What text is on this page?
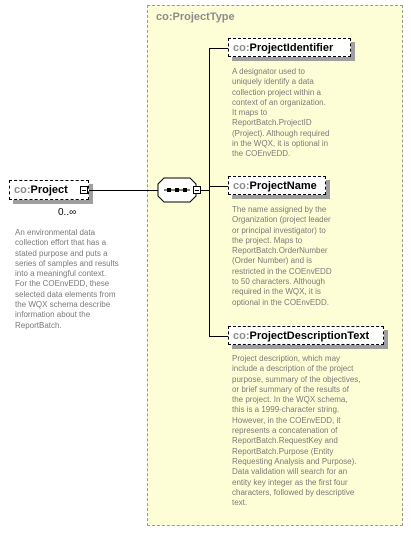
co:ProjectType
co:Project
0..∞
An environmental data
collection effort that has a
stated purpose and puts a
series of samples and results
into a meaningful context.
For the COEnvEDD, these
selected data elements from
the WQX schema describe
information about the
ReportBatch.
co:ProjectIdentifier
A designator used to
uniquely identify a data
collection project within a
context of an organization.
It maps to
ReportBatch.ProjectID
(Project). Although required
in the WQX, it is optional in
the COEnvEDD.
co:ProjectName
The name assigned by the
Organization (project leader
or principal investigator) to
the project. Maps to
ReportBatch.OrderNumber
(Order Number) and is
restricted in the COEnvEDD
to 50 characters. Although
required in the WQX, it is
optional in the COEnvEDD.
co:ProjectDescriptionText
Project description, which may
include a description of the project
purpose, summary of the objectives,
or brief summary of the results of
the project. In the WQX schema,
this is a 1999-character string.
However, in the COEnvEDD, it
represents a concatenation of
ReportBatch.RequestKey and
ReportBatch.Purpose (Entity
Requesting Analysis and Purpose).
Data validation will search for an
entity key integer as the first four
characters, followed by descriptive
text.
